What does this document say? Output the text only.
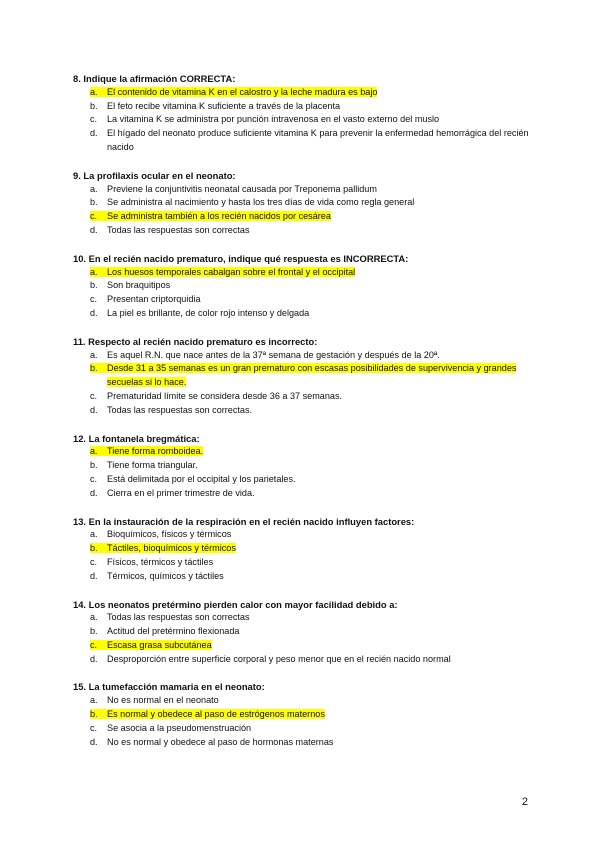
8. Indique la afirmación CORRECTA:
a.	El contenido de vitamina K en el calostro y la leche madura es bajo
b.	El feto recibe vitamina K suficiente a través de la placenta
c.	La vitamina K se administra por punción intravenosa en el vasto externo del muslo
d.	El hígado del neonato produce suficiente vitamina K para prevenir la enfermedad hemorrágica del recién nacido
9. La profilaxis ocular en el neonato:
a.	Previene la conjuntivitis neonatal causada por Treponema pallidum
b.	Se administra al nacimiento y hasta los tres días de vida como regla general
c.	Se administra también a los recién nacidos por cesárea
d.	Todas las respuestas son correctas
10. En el recién nacido prematuro, indique qué respuesta es INCORRECTA:
a.	Los huesos temporales cabalgan sobre el frontal y el occipital
b.	Son braquitipos
c.	Presentan criptorquidia
d.	La piel es brillante, de color rojo intenso y delgada
11. Respecto al recién nacido prematuro es incorrecto:
a.	Es aquel R.N. que nace antes de la 37ª semana de gestación y después de la 20ª.
b.	Desde 31 a 35 semanas es un gran prematuro con escasas posibilidades de supervivencia y grandes secuelas si lo hace.
c.	Prematuridad límite se considera desde 36 a 37 semanas.
d.	Todas las respuestas son correctas.
12. La fontanela bregmática:
a.	Tiene forma romboidea.
b.	Tiene forma triangular.
c.	Está delimitada por el occipital y los parietales.
d.	Cierra en el primer trimestre de vida.
13. En la instauración de la respiración en el recién nacido influyen factores:
a.	Bioquímicos, físicos y térmicos
b.	Táctiles, bioquímicos y térmicos
c.	Físicos, térmicos y táctiles
d.	Térmicos, químicos y táctiles
14. Los neonatos pretérmino pierden calor con mayor facilidad debido a:
a.	Todas las respuestas son correctas
b.	Actitud del pretérmino flexionada
c.	Escasa grasa subcutánea
d.	Desproporción entre superficie corporal y peso menor que en el recién nacido normal
15. La tumefacción mamaria en el neonato:
a.	No es normal en el neonato
b.	Es normal y obedece al paso de estrógenos maternos
c.	Se asocia a la pseudomenstruación
d.	No es normal y obedece al paso de hormonas maternas
2
